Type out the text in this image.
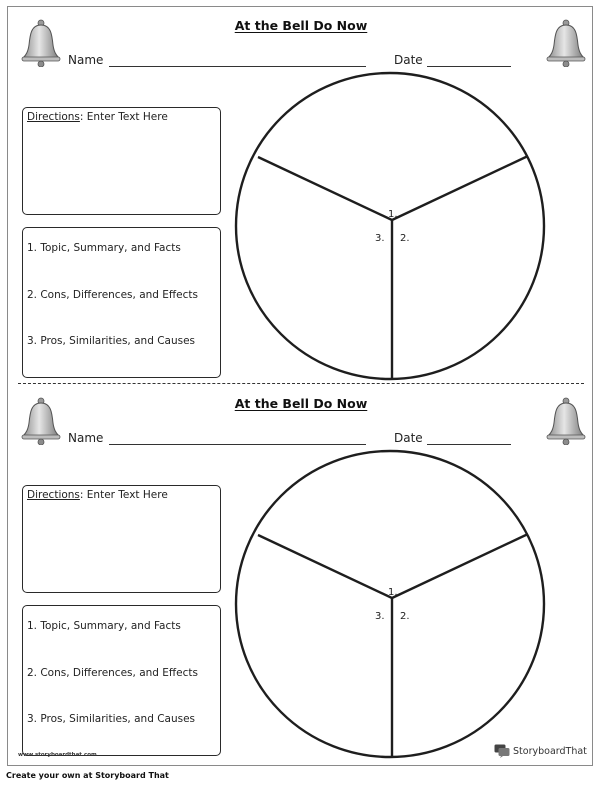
At the Bell Do Now
Name	Date
Directions: Enter Text Here
1. Topic, Summary, and Facts
2. Cons, Differences, and Effects
3. Pros, Similarities, and Causes
1.
2.
3.
At the Bell Do Now
Name	Date
Directions: Enter Text Here
1. Topic, Summary, and Facts
2. Cons, Differences, and Effects
3. Pros, Similarities, and Causes
1.
2.
3.
www.storyboardthat.com	StoryboardThat
Create your own at Storyboard That
